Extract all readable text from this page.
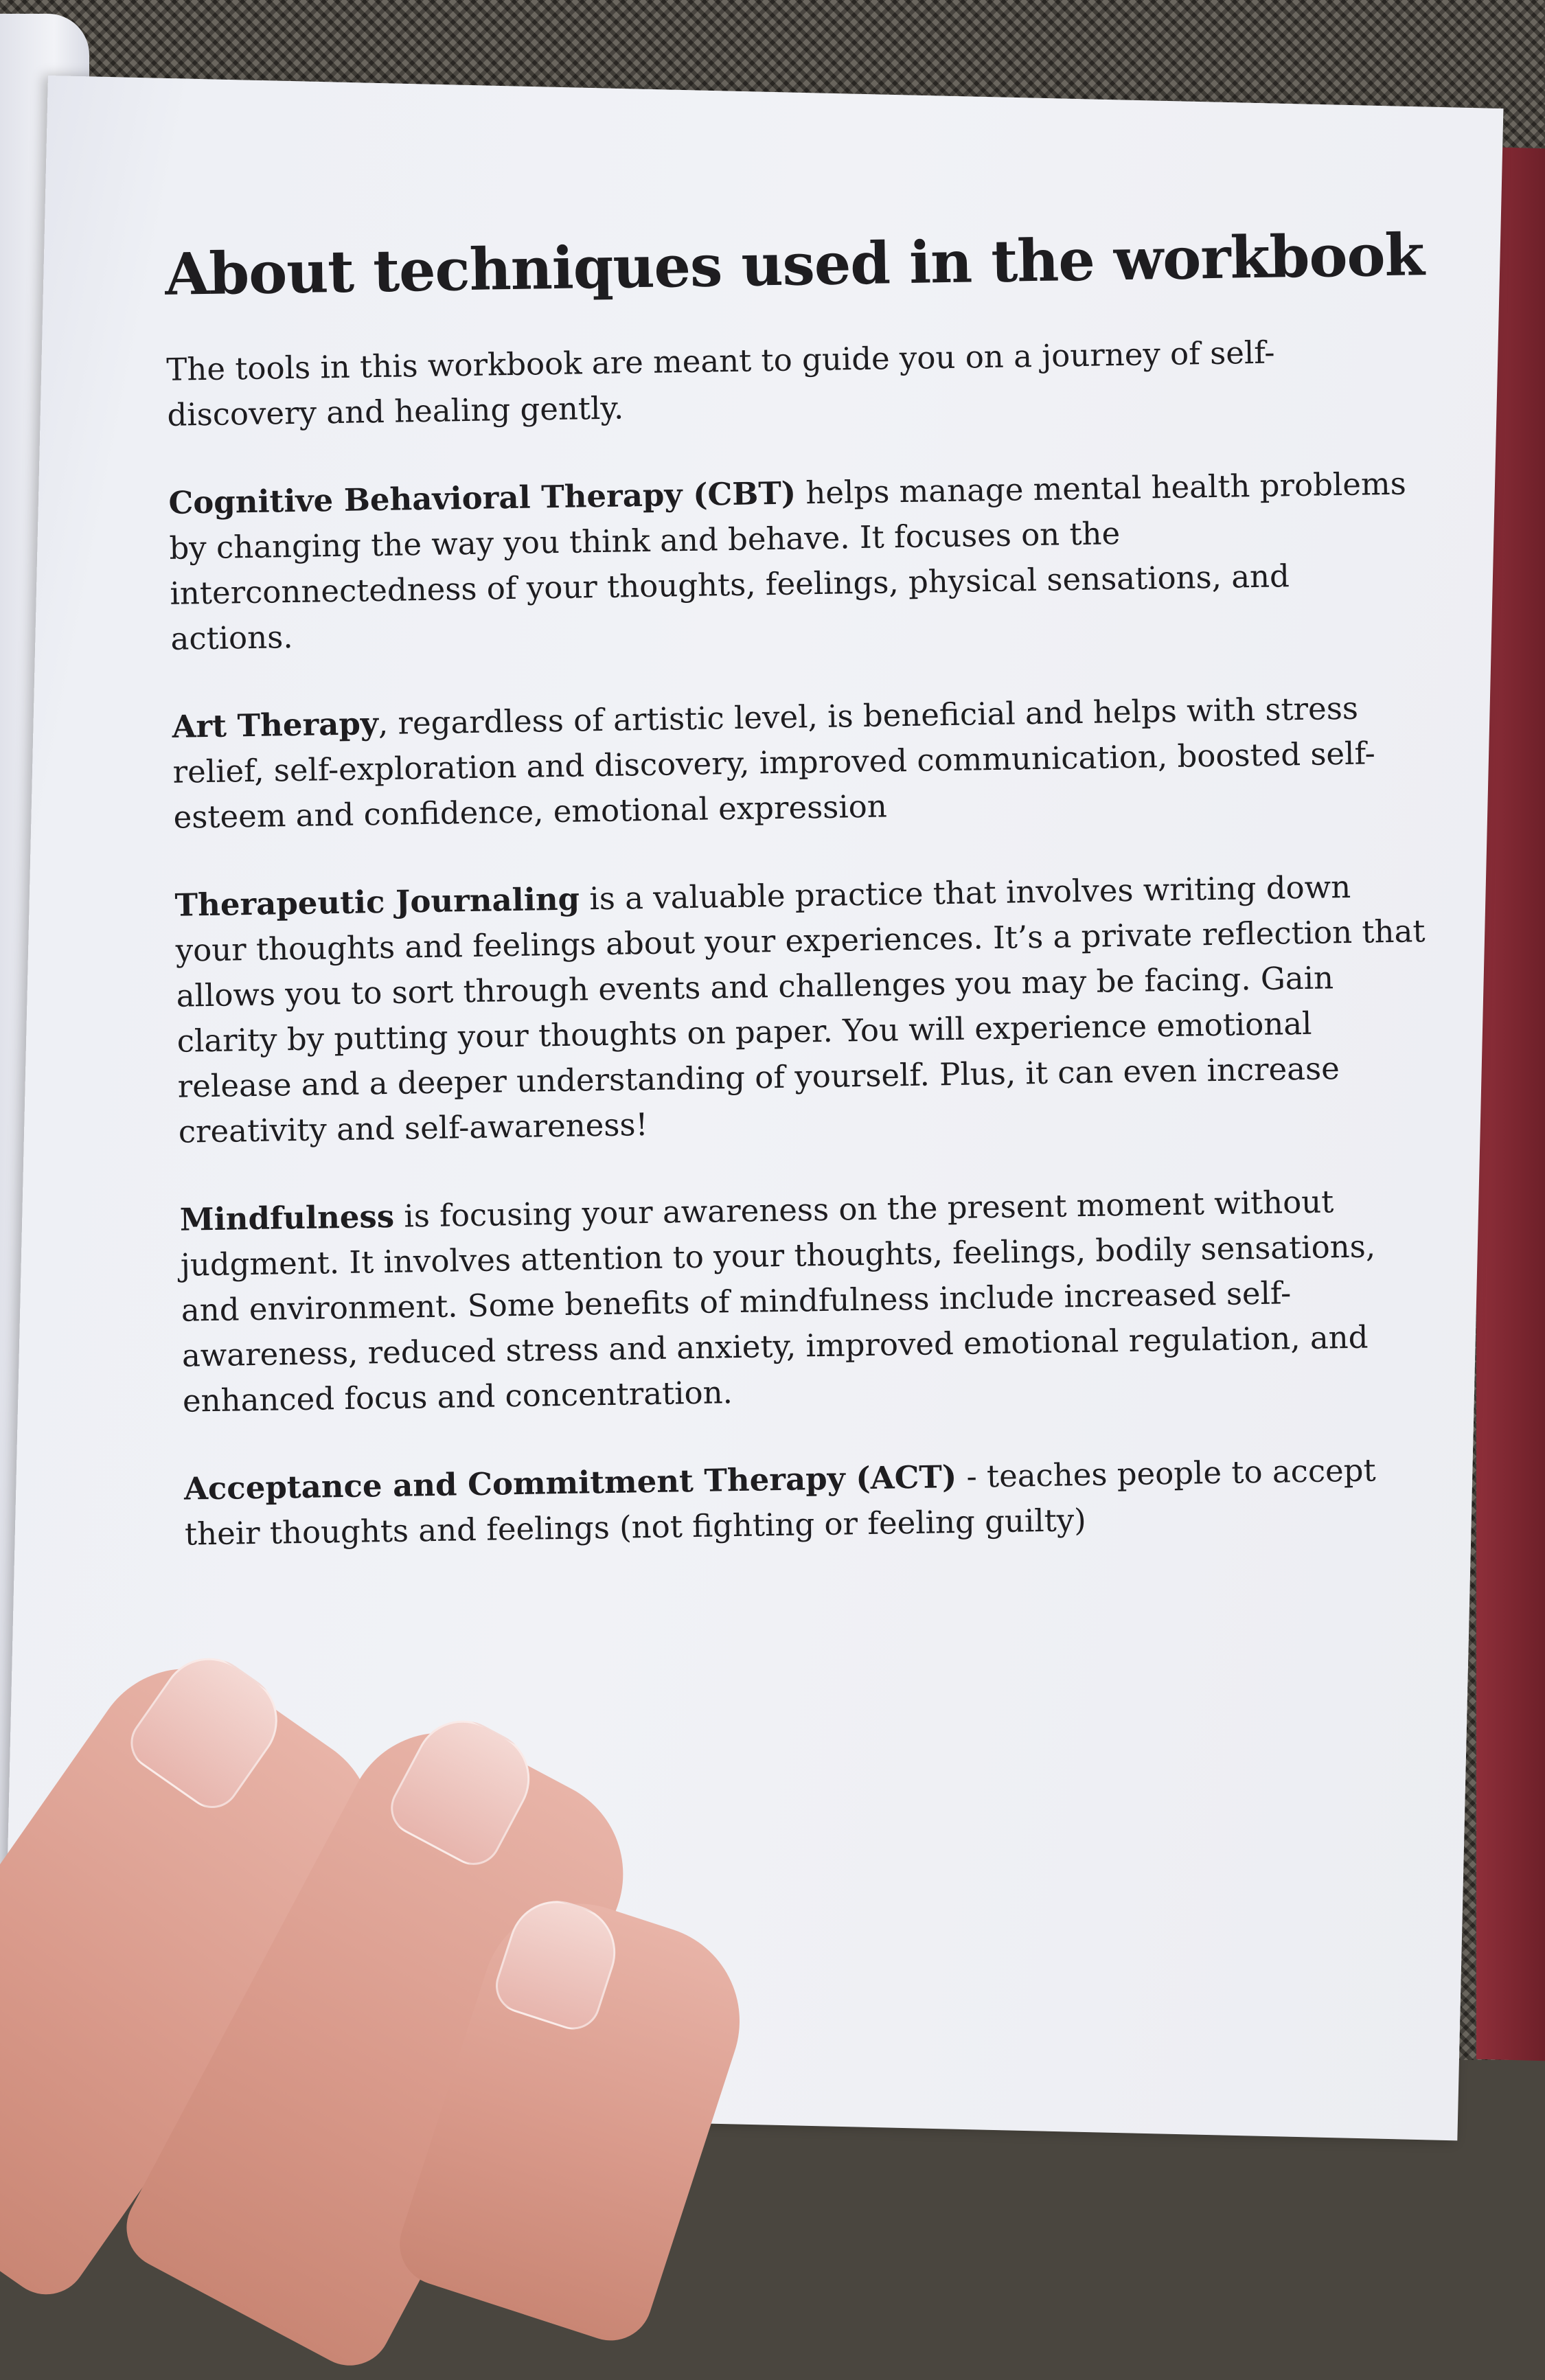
About techniques used in the workbook

The tools in this workbook are meant to guide you on a journey of self-discovery and healing gently.

Cognitive Behavioral Therapy (CBT) helps manage mental health problems by changing the way you think and behave. It focuses on the interconnectedness of your thoughts, feelings, physical sensations, and actions.

Art Therapy, regardless of artistic level, is beneficial and helps with stress relief, self-exploration and discovery, improved communication, boosted self-esteem and confidence, emotional expression

Therapeutic Journaling is a valuable practice that involves writing down your thoughts and feelings about your experiences. It’s a private reflection that allows you to sort through events and challenges you may be facing. Gain clarity by putting your thoughts on paper. You will experience emotional release and a deeper understanding of yourself. Plus, it can even increase creativity and self-awareness!

Mindfulness is focusing your awareness on the present moment without judgment. It involves attention to your thoughts, feelings, bodily sensations, and environment. Some benefits of mindfulness include increased self-awareness, reduced stress and anxiety, improved emotional regulation, and enhanced focus and concentration.

Acceptance and Commitment Therapy (ACT) - teaches people to accept their thoughts and feelings (not fighting or feeling guilty)
